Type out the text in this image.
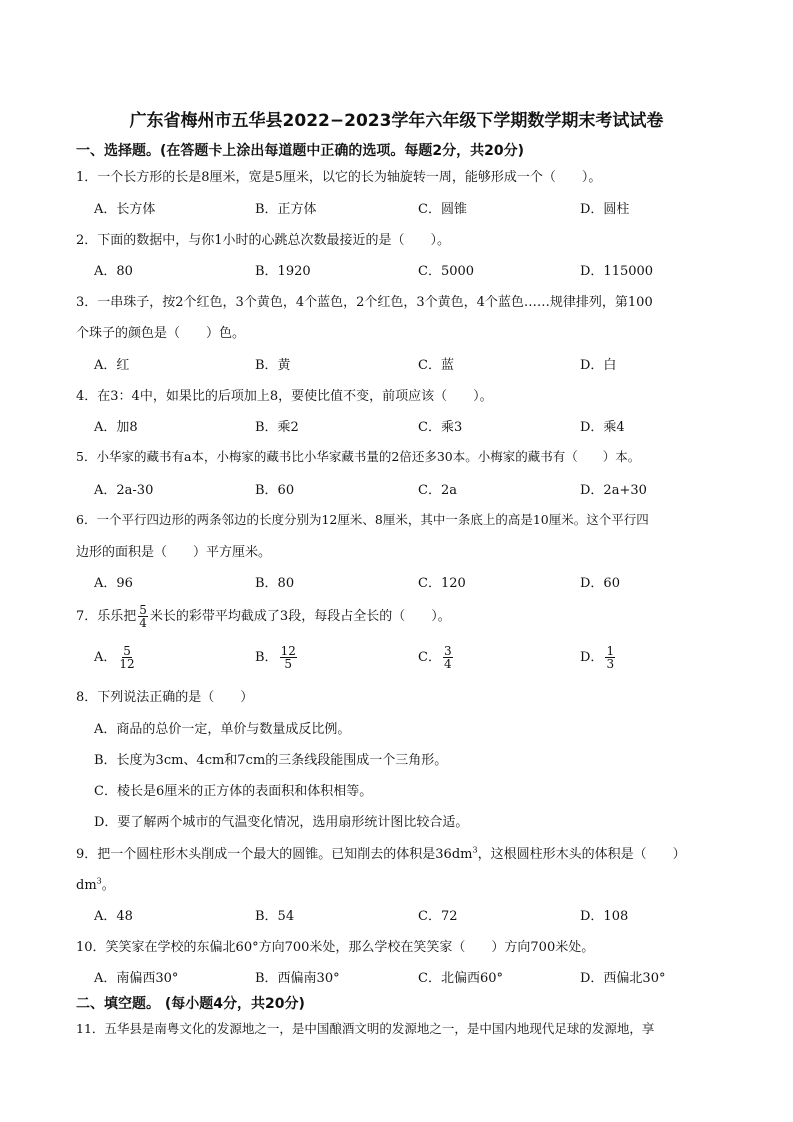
广东省梅州市五华县2022−2023学年六年级下学期数学期末考试试卷
一、选择题。(在答题卡上涂出每道题中正确的选项。每题2分，共20分)
1．一个长方形的长是8厘米，宽是5厘米，以它的长为轴旋转一周，能够形成一个（　　）。
A．长方体	B．正方体	C．圆锥	D．圆柱
2．下面的数据中，与你1小时的心跳总次数最接近的是（　　）。
A．80	B．1920	C．5000	D．115000
3．一串珠子，按2个红色，3个黄色，4个蓝色，2个红色，3个黄色，4个蓝色……规律排列，第100
个珠子的颜色是（　　）色。
A．红	B．黄	C．蓝	D．白
4．在3：4中，如果比的后项加上8，要使比值不变，前项应该（　　）。
A．加8	B．乘2	C．乘3	D．乘4
5．小华家的藏书有a本，小梅家的藏书比小华家藏书量的2倍还多30本。小梅家的藏书有（　　）本。
A．2a-30	B．60	C．2a	D．2a+30
6．一个平行四边形的两条邻边的长度分别为12厘米、8厘米，其中一条底上的高是10厘米。这个平行四
边形的面积是（　　）平方厘米。
A．96	B．80	C．120	D．60
7．乐乐把 $\frac{5}{4}$ 米长的彩带平均截成了3段，每段占全长的（　　）。
A． $\frac{5}{12}$	B． $\frac{12}{5}$	C． $\frac{3}{4}$	D． $\frac{1}{3}$
8．下列说法正确的是（　　）
A．商品的总价一定，单价与数量成反比例。
B．长度为3cm、4cm和7cm的三条线段能围成一个三角形。
C．棱长是6厘米的正方体的表面积和体积相等。
D．要了解两个城市的气温变化情况，选用扇形统计图比较合适。
9．把一个圆柱形木头削成一个最大的圆锥。已知削去的体积是$36dm^3$，这根圆柱形木头的体积是（　　）
$dm^3$。
A．48	B．54	C．72	D．108
10．笑笑家在学校的东偏北60°方向700米处，那么学校在笑笑家（　　）方向700米处。
A．南偏西30°	B．西偏南30°	C．北偏西60°	D．西偏北30°
二、填空题。 (每小题4分，共20分)
11．五华县是南粤文化的发源地之一，是中国酿酒文明的发源地之一，是中国内地现代足球的发源地，享
